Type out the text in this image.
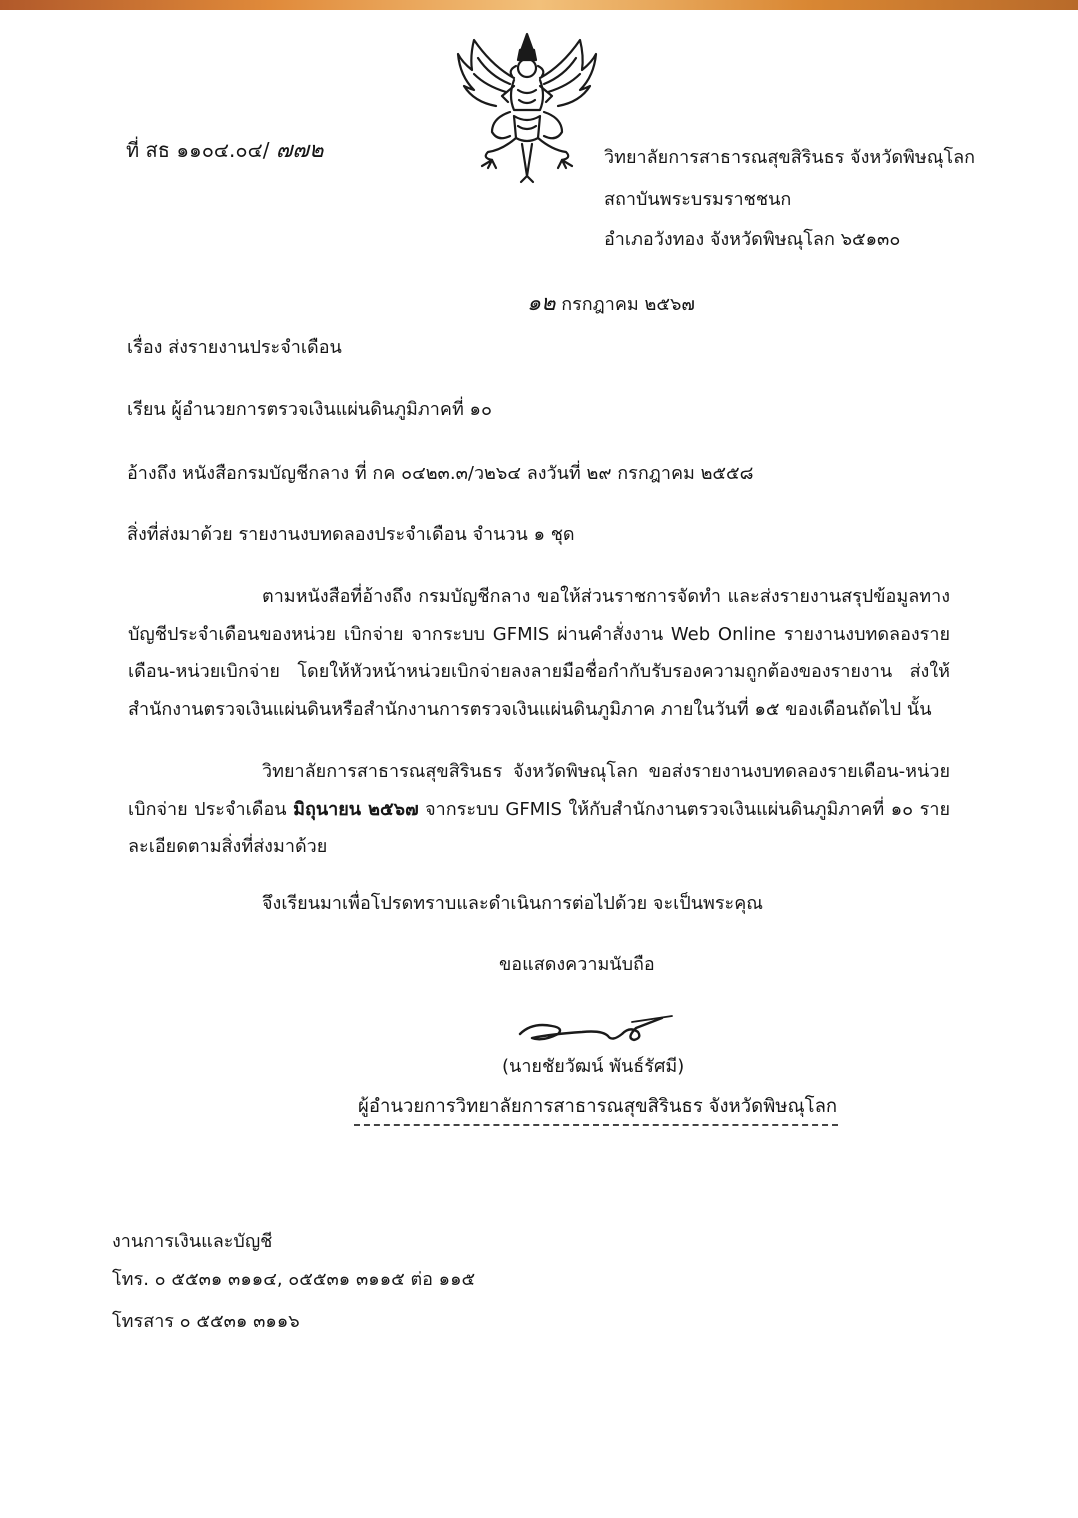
ที่ สธ ๑๑๐๔.๐๔/ ๗๗๒	วิทยาลัยการสาธารณสุขสิรินธร จังหวัดพิษณุโลก
สถาบันพระบรมราชชนก
อำเภอวังทอง จังหวัดพิษณุโลก ๖๕๑๓๐
๑๒ กรกฎาคม ๒๕๖๗
เรื่อง ส่งรายงานประจำเดือน
เรียน ผู้อำนวยการตรวจเงินแผ่นดินภูมิภาคที่ ๑๐
อ้างถึง หนังสือกรมบัญชีกลาง ที่ กค ๐๔๒๓.๓/ว๒๖๔ ลงวันที่ ๒๙ กรกฎาคม ๒๕๕๘
สิ่งที่ส่งมาด้วย รายงานงบทดลองประจำเดือน จำนวน ๑ ชุด
ตามหนังสือที่อ้างถึง กรมบัญชีกลาง ขอให้ส่วนราชการจัดทำ และส่งรายงานสรุปข้อมูลทางบัญชีประจำเดือนของหน่วย เบิกจ่าย จากระบบ GFMIS ผ่านคำสั่งงาน Web Online รายงานงบทดลองรายเดือน-หน่วยเบิกจ่าย โดยให้หัวหน้าหน่วยเบิกจ่ายลงลายมือชื่อกำกับรับรองความถูกต้องของรายงาน ส่งให้สำนักงานตรวจเงินแผ่นดินหรือสำนักงานการตรวจเงินแผ่นดินภูมิภาค ภายในวันที่ ๑๕ ของเดือนถัดไป นั้น
วิทยาลัยการสาธารณสุขสิรินธร จังหวัดพิษณุโลก ขอส่งรายงานงบทดลองรายเดือน-หน่วยเบิกจ่าย ประจำเดือน มิถุนายน ๒๕๖๗ จากระบบ GFMIS ให้กับสำนักงานตรวจเงินแผ่นดินภูมิภาคที่ ๑๐ รายละเอียดตามสิ่งที่ส่งมาด้วย
จึงเรียนมาเพื่อโปรดทราบและดำเนินการต่อไปด้วย จะเป็นพระคุณ
ขอแสดงความนับถือ
(นายชัยวัฒน์ พันธ์รัศมี)
ผู้อำนวยการวิทยาลัยการสาธารณสุขสิรินธร จังหวัดพิษณุโลก
งานการเงินและบัญชี
โทร. ๐ ๕๕๓๑ ๓๑๑๔, ๐๕๕๓๑ ๓๑๑๕ ต่อ ๑๑๕
โทรสาร ๐ ๕๕๓๑ ๓๑๑๖
